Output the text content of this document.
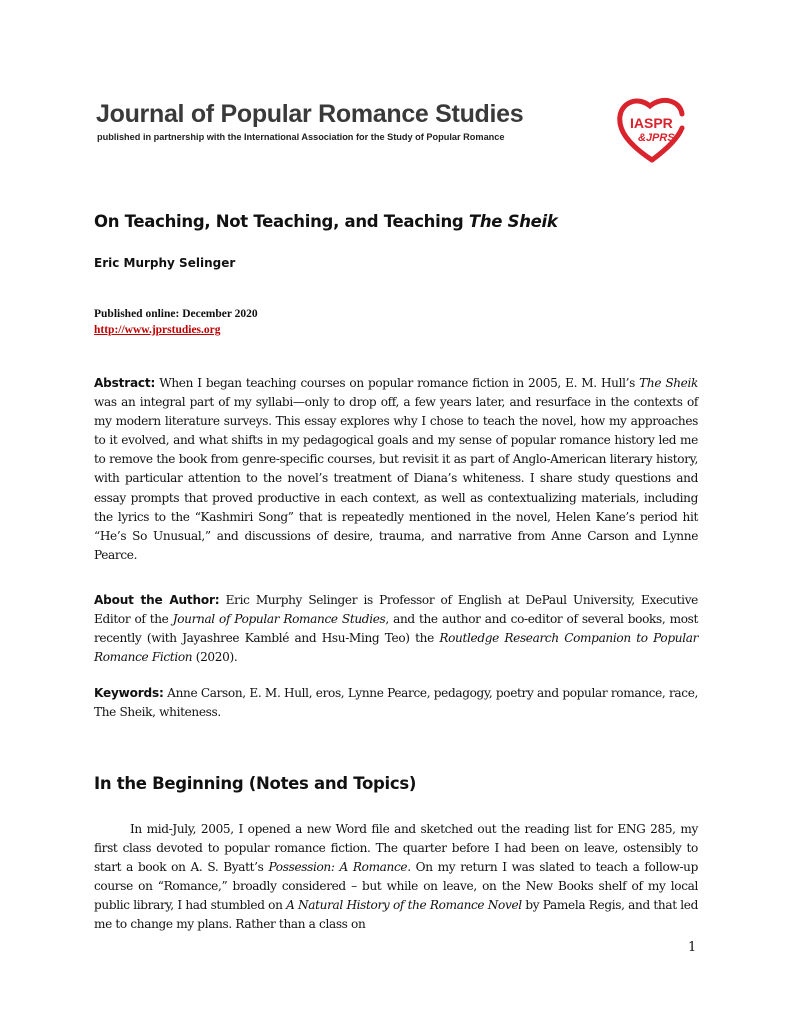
Journal of Popular Romance Studies
published in partnership with the International Association for the Study of Popular Romance
IASPR
&JPRS
On Teaching, Not Teaching, and Teaching The Sheik
Eric Murphy Selinger
Published online: December 2020
http://www.jprstudies.org
Abstract: When I began teaching courses on popular romance fiction in 2005, E. M. Hull’s The Sheik was an integral part of my syllabi—only to drop off, a few years later, and resurface in the contexts of my modern literature surveys. This essay explores why I chose to teach the novel, how my approaches to it evolved, and what shifts in my pedagogical goals and my sense of popular romance history led me to remove the book from genre-specific courses, but revisit it as part of Anglo-American literary history, with particular attention to the novel’s treatment of Diana’s whiteness. I share study questions and essay prompts that proved productive in each context, as well as contextualizing materials, including the lyrics to the “Kashmiri Song” that is repeatedly mentioned in the novel, Helen Kane’s period hit “He’s So Unusual,” and discussions of desire, trauma, and narrative from Anne Carson and Lynne Pearce.
About the Author: Eric Murphy Selinger is Professor of English at DePaul University, Executive Editor of the Journal of Popular Romance Studies, and the author and co-editor of several books, most recently (with Jayashree Kamblé and Hsu-Ming Teo) the Routledge Research Companion to Popular Romance Fiction (2020).
Keywords: Anne Carson, E. M. Hull, eros, Lynne Pearce, pedagogy, poetry and popular romance, race, The Sheik, whiteness.
In the Beginning (Notes and Topics)
In mid-July, 2005, I opened a new Word file and sketched out the reading list for ENG 285, my first class devoted to popular romance fiction. The quarter before I had been on leave, ostensibly to start a book on A. S. Byatt’s Possession: A Romance. On my return I was slated to teach a follow-up course on “Romance,” broadly considered – but while on leave, on the New Books shelf of my local public library, I had stumbled on A Natural History of the Romance Novel by Pamela Regis, and that led me to change my plans. Rather than a class on
1
